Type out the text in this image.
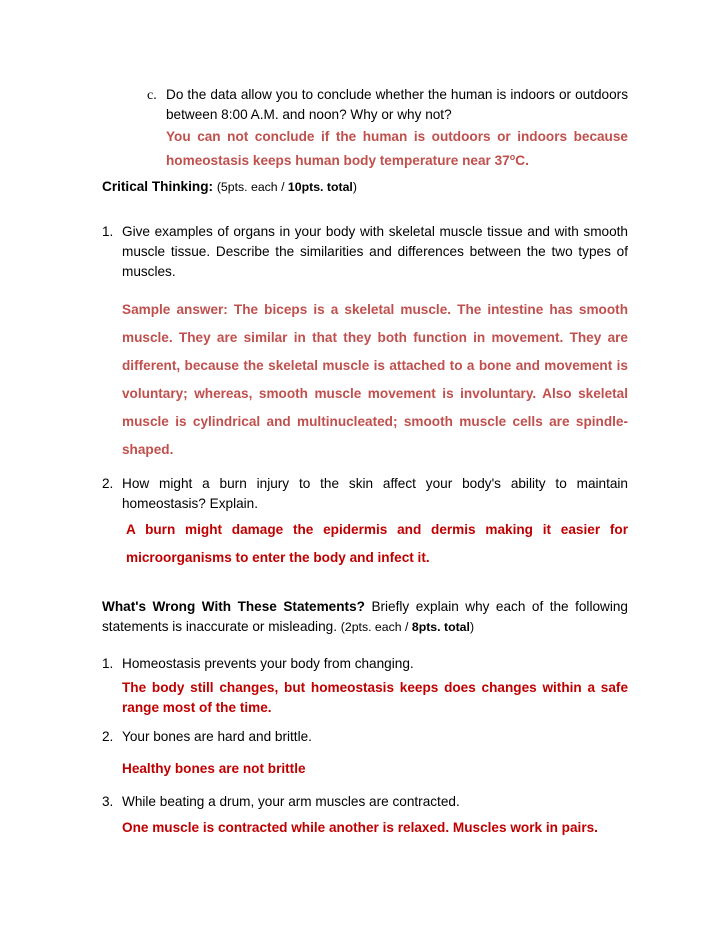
c. Do the data allow you to conclude whether the human is indoors or outdoors between 8:00 A.M. and noon? Why or why not?
You can not conclude if the human is outdoors or indoors because homeostasis keeps human body temperature near 37$^o$C.
Critical Thinking: (5pts. each / 10pts. total)
1. Give examples of organs in your body with skeletal muscle tissue and with smooth muscle tissue. Describe the similarities and differences between the two types of muscles.
Sample answer: The biceps is a skeletal muscle. The intestine has smooth muscle. They are similar in that they both function in movement. They are different, because the skeletal muscle is attached to a bone and movement is voluntary; whereas, smooth muscle movement is involuntary. Also skeletal muscle is cylindrical and multinucleated; smooth muscle cells are spindle-shaped.
2. How might a burn injury to the skin affect your body's ability to maintain homeostasis? Explain.
A burn might damage the epidermis and dermis making it easier for microorganisms to enter the body and infect it.
What's Wrong With These Statements? Briefly explain why each of the following statements is inaccurate or misleading. (2pts. each / 8pts. total)
1. Homeostasis prevents your body from changing.
The body still changes, but homeostasis keeps does changes within a safe range most of the time.
2. Your bones are hard and brittle.
Healthy bones are not brittle
3. While beating a drum, your arm muscles are contracted.
One muscle is contracted while another is relaxed. Muscles work in pairs.
